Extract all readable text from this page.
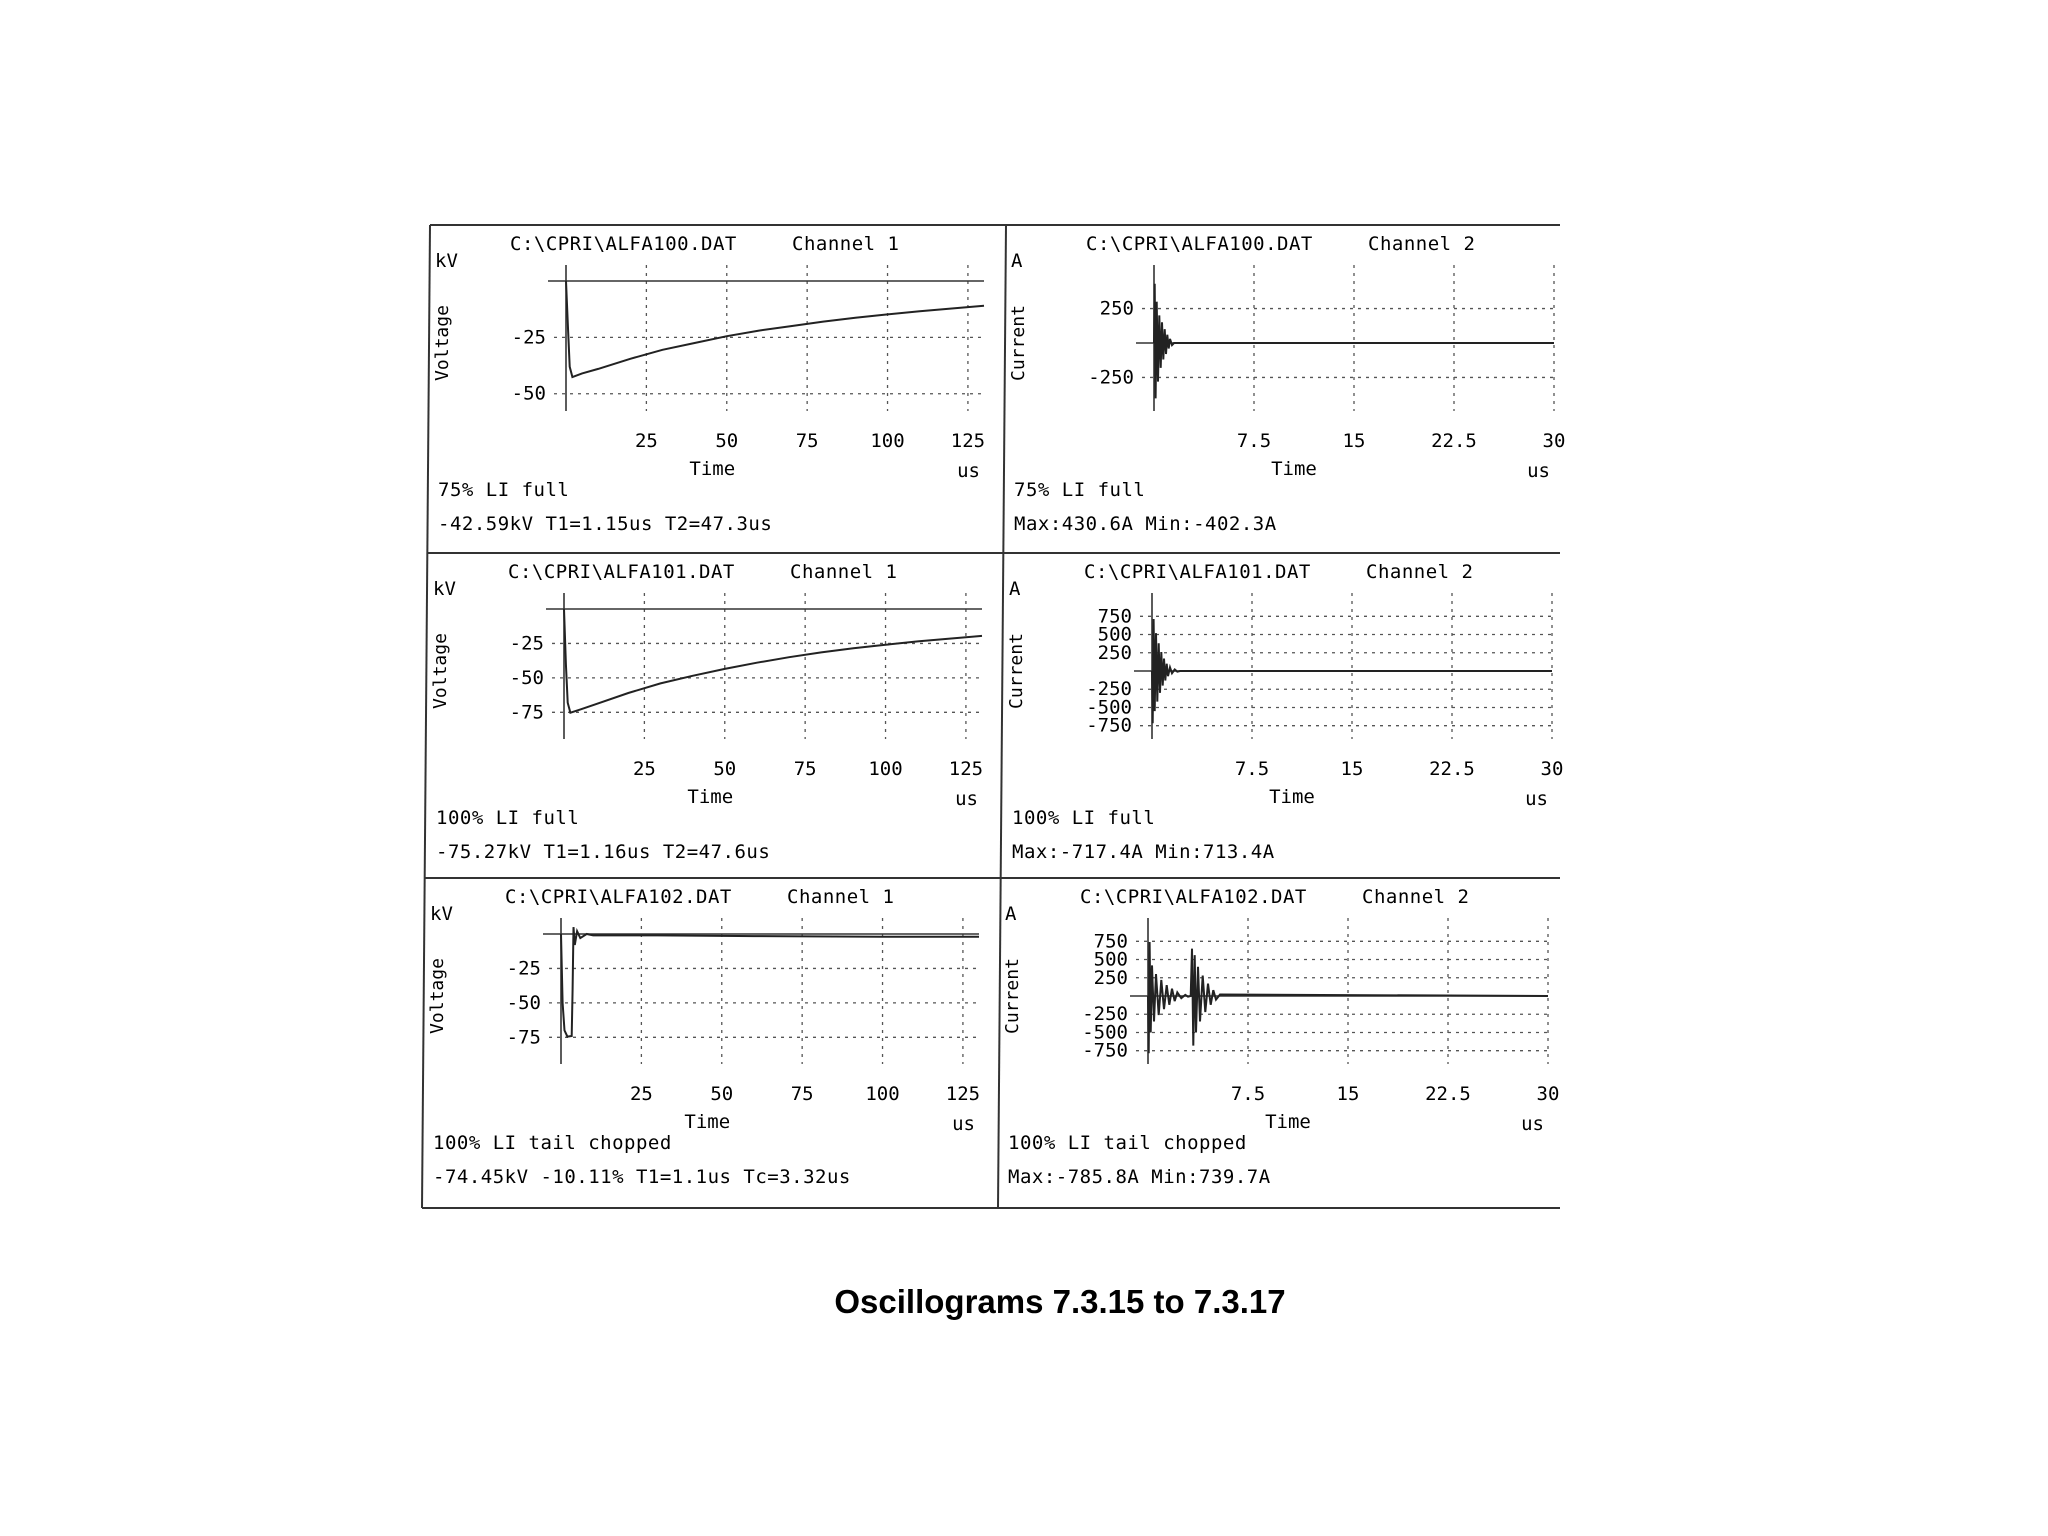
C:\CPRI\ALFA100.DAT	Channel 1
kV
Voltage
25	50	75	100 125
-25
-50
Time	us
75% LI full
-42.59kV T1=1.15us T2=47.3us
C:\CPRI\ALFA100.DAT	Channel 2
A
Current
7.5	15	22.5	30
250
-250
Time	us
75% LI full
Max:430.6A Min:-402.3A
C:\CPRI\ALFA101.DAT	Channel 1
kV
Voltage
25	50	75	100 125
-25
-50
-75
Time	us
100% LI full
-75.27kV T1=1.16us T2=47.6us
C:\CPRI\ALFA101.DAT	Channel 2
A
Current
7.5	15	22.5	30
750
500
250
-250
-500
-750
Time	us
100% LI full
Max:-717.4A Min:713.4A
C:\CPRI\ALFA102.DAT	Channel 1
kV
Voltage
25	50	75	100 125
-25
-50
-75
Time	us
100% LI tail chopped
-74.45kV -10.11% T1=1.1us Tc=3.32us
C:\CPRI\ALFA102.DAT	Channel 2
A
Current
7.5	15	22.5	30
750
500
250
-250
-500
-750
Time	us
100% LI tail chopped
Max:-785.8A Min:739.7A
Oscillograms 7.3.15 to 7.3.17
